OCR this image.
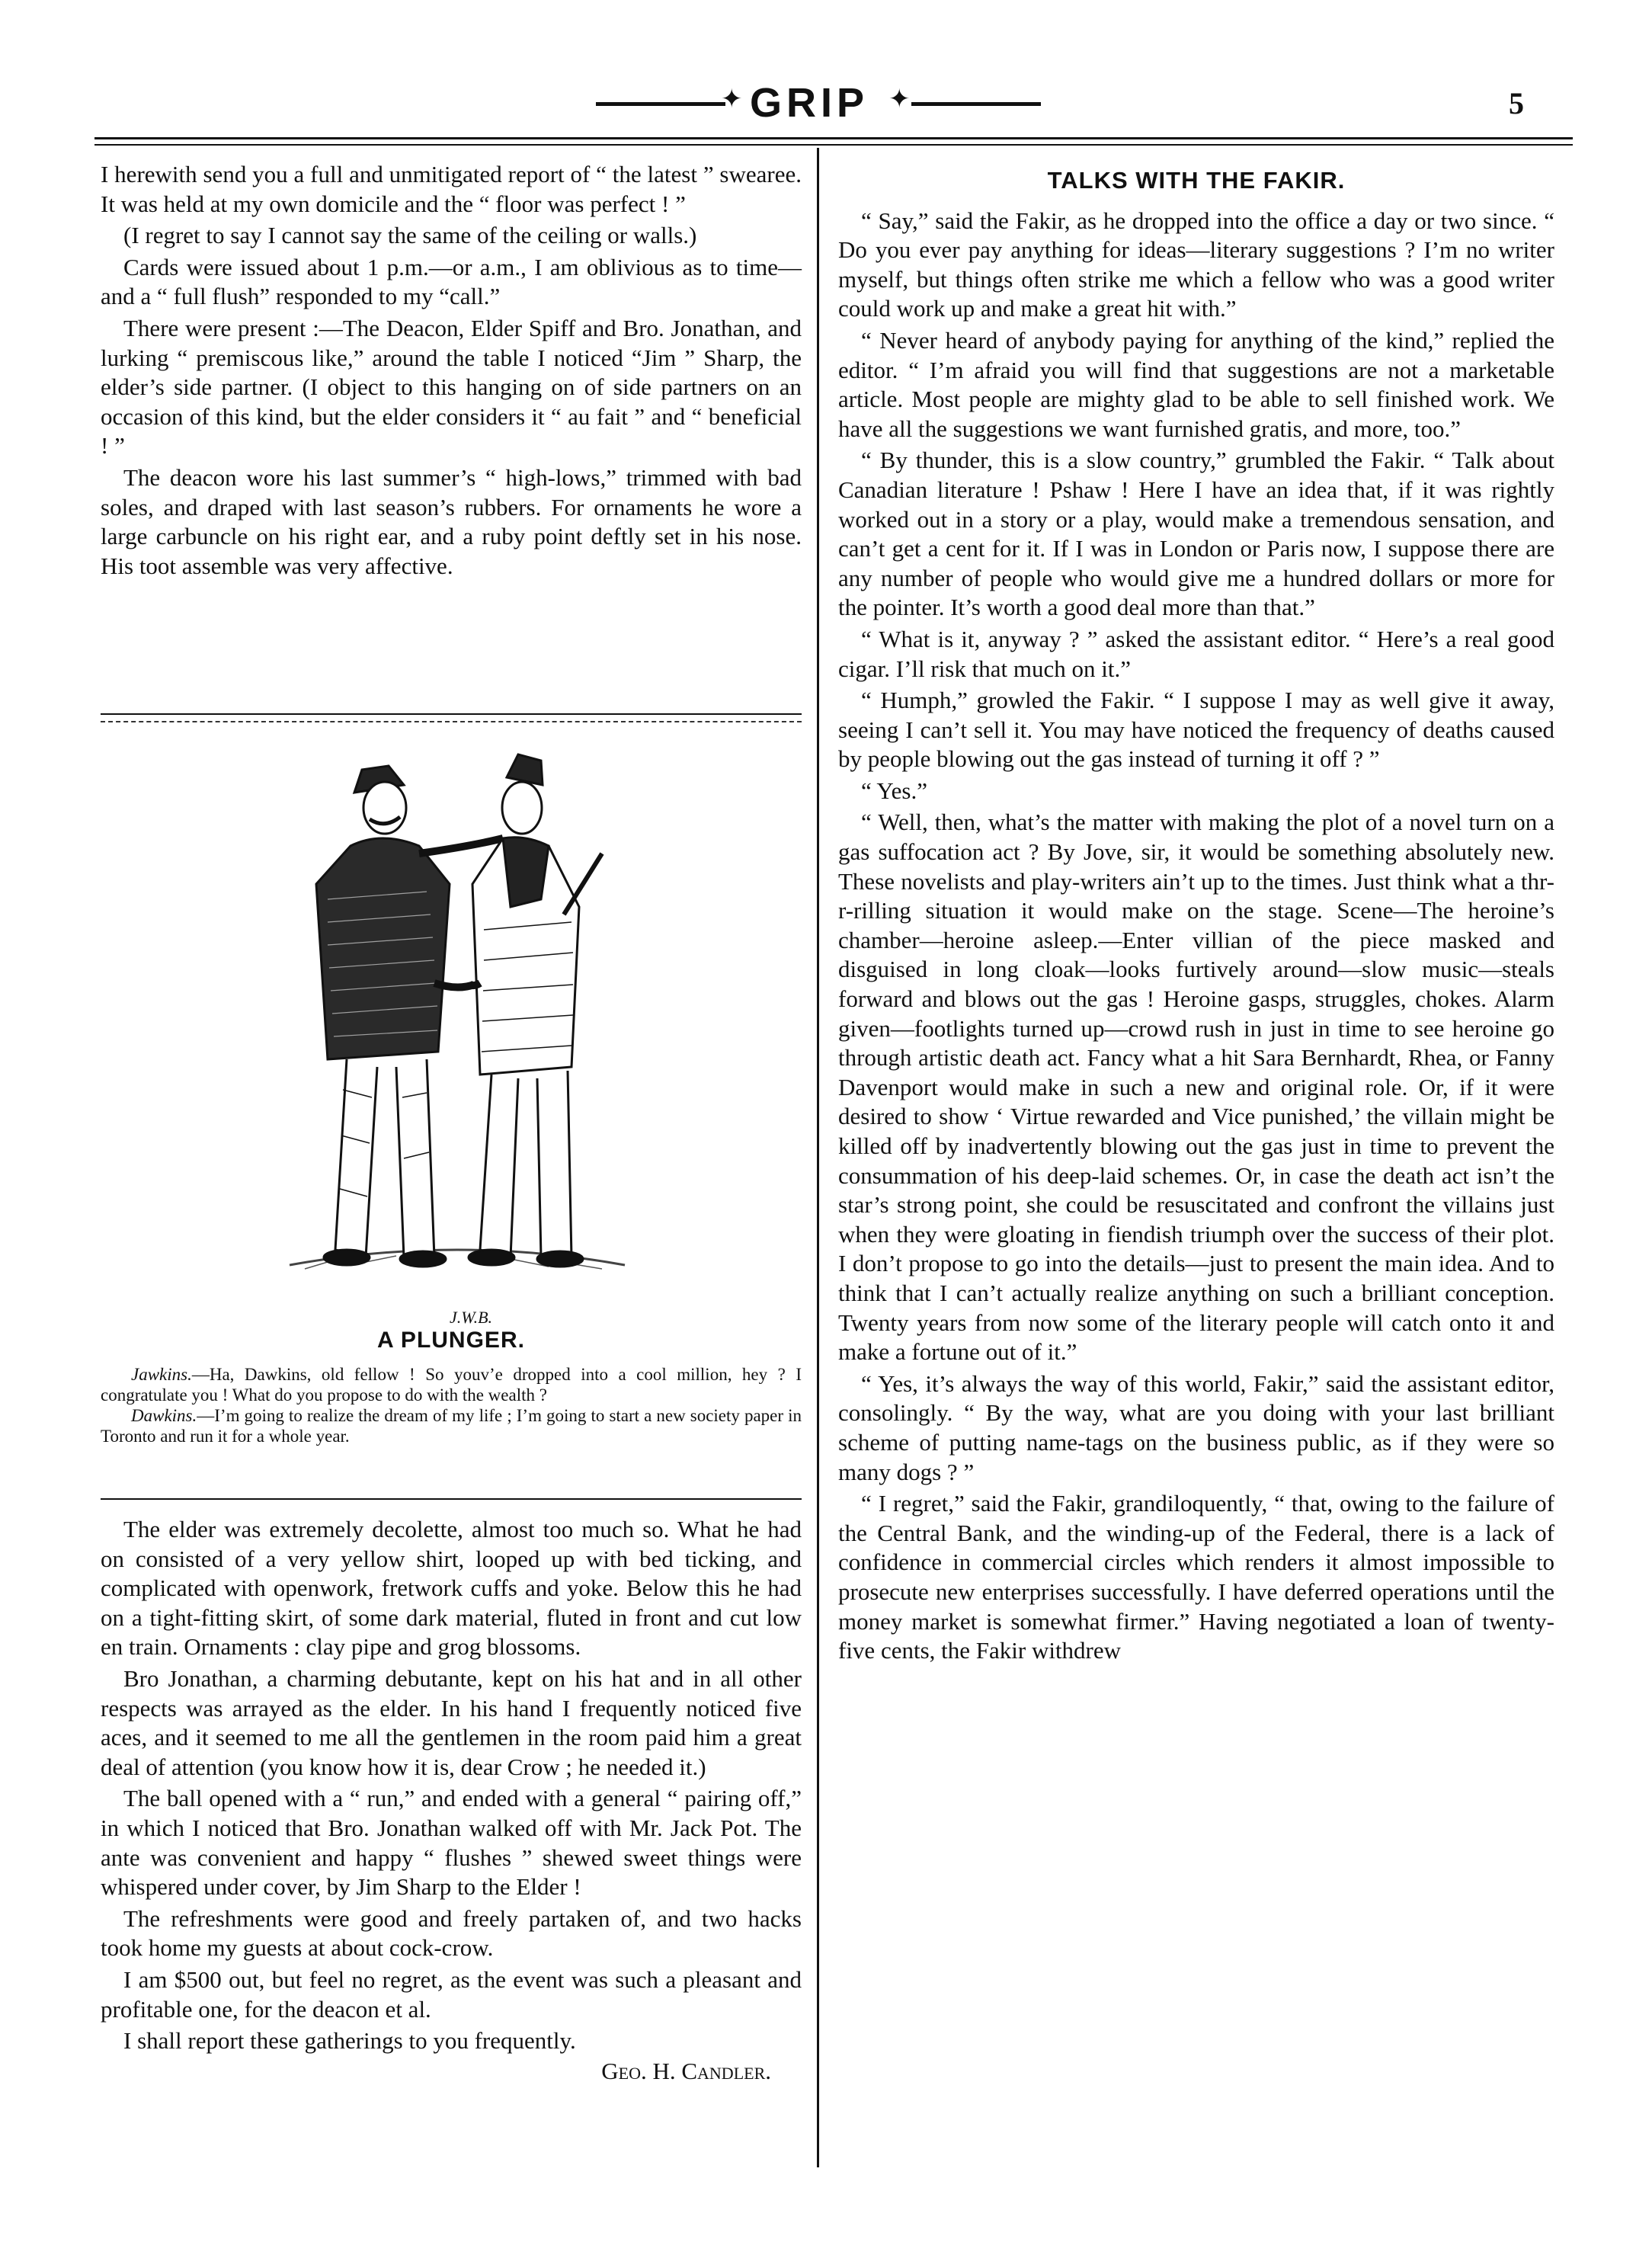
✦ GRIP ✦	5

I herewith send you a full and unmitigated report of “ the latest ” swearee. It was held at my own domicile and the “ floor was perfect ! ”

(I regret to say I cannot say the same of the ceiling or walls.)

Cards were issued about 1 p.m.—or a.m., I am oblivious as to time—and a “ full flush” responded to my “call.”

There were present :—The Deacon, Elder Spiff and Bro. Jonathan, and lurking “ premiscous like,” around the table I noticed “Jim ” Sharp, the elder’s side partner. (I object to this hanging on of side partners on an occasion of this kind, but the elder considers it “ au fait ” and “ beneficial ! ”

The deacon wore his last summer’s “ high-lows,” trimmed with bad soles, and draped with last season’s rubbers. For ornaments he wore a large carbuncle on his right ear, and a ruby point deftly set in his nose. His toot assemble was very affective.

J.W.B.
A PLUNGER.

Jawkins.—Ha, Dawkins, old fellow ! So youv’e dropped into a cool million, hey ? I congratulate you ! What do you propose to do with the wealth ?

Dawkins.—I’m going to realize the dream of my life ; I’m going to start a new society paper in Toronto and run it for a whole year.

The elder was extremely decolette, almost too much so. What he had on consisted of a very yellow shirt, looped up with bed ticking, and complicated with openwork, fretwork cuffs and yoke. Below this he had on a tight-fitting skirt, of some dark material, fluted in front and cut low en train. Ornaments : clay pipe and grog blossoms.

Bro Jonathan, a charming debutante, kept on his hat and in all other respects was arrayed as the elder. In his hand I frequently noticed five aces, and it seemed to me all the gentlemen in the room paid him a great deal of attention (you know how it is, dear Crow ; he needed it.)

The ball opened with a “ run,” and ended with a general “ pairing off,” in which I noticed that Bro. Jonathan walked off with Mr. Jack Pot. The ante was convenient and happy “ flushes ” shewed sweet things were whispered under cover, by Jim Sharp to the Elder !

The refreshments were good and freely partaken of, and two hacks took home my guests at about cock-crow.

I am $500 out, but feel no regret, as the event was such a pleasant and profitable one, for the deacon et al.

I shall report these gatherings to you frequently.

Geo. H. Candler.
TALKS WITH THE FAKIR.

“ Say,” said the Fakir, as he dropped into the office a day or two since. “ Do you ever pay anything for ideas—literary suggestions ? I’m no writer myself, but things often strike me which a fellow who was a good writer could work up and make a great hit with.”

“ Never heard of anybody paying for anything of the kind,” replied the editor. “ I’m afraid you will find that suggestions are not a marketable article. Most people are mighty glad to be able to sell finished work. We have all the suggestions we want furnished gratis, and more, too.”

“ By thunder, this is a slow country,” grumbled the Fakir. “ Talk about Canadian literature ! Pshaw ! Here I have an idea that, if it was rightly worked out in a story or a play, would make a tremendous sensation, and can’t get a cent for it. If I was in London or Paris now, I suppose there are any number of people who would give me a hundred dollars or more for the pointer. It’s worth a good deal more than that.”

“ What is it, anyway ? ” asked the assistant editor. “ Here’s a real good cigar. I’ll risk that much on it.”

“ Humph,” growled the Fakir. “ I suppose I may as well give it away, seeing I can’t sell it. You may have noticed the frequency of deaths caused by people blowing out the gas instead of turning it off ? ”

“ Yes.”

“ Well, then, what’s the matter with making the plot of a novel turn on a gas suffocation act ? By Jove, sir, it would be something absolutely new. These novelists and play-writers ain’t up to the times. Just think what a thr-r-rilling situation it would make on the stage. Scene—The heroine’s chamber—heroine asleep.—Enter villian of the piece masked and disguised in long cloak—looks furtively around—slow music—steals forward and blows out the gas ! Heroine gasps, struggles, chokes. Alarm given—footlights turned up—crowd rush in just in time to see heroine go through artistic death act. Fancy what a hit Sara Bernhardt, Rhea, or Fanny Davenport would make in such a new and original role. Or, if it were desired to show ‘ Virtue rewarded and Vice punished,’ the villain might be killed off by inadvertently blowing out the gas just in time to prevent the consummation of his deep-laid schemes. Or, in case the death act isn’t the star’s strong point, she could be resuscitated and confront the villains just when they were gloating in fiendish triumph over the success of their plot. I don’t propose to go into the details—just to present the main idea. And to think that I can’t actually realize anything on such a brilliant conception. Twenty years from now some of the literary people will catch onto it and make a fortune out of it.”

“ Yes, it’s always the way of this world, Fakir,” said the assistant editor, consolingly. “ By the way, what are you doing with your last brilliant scheme of putting name-tags on the business public, as if they were so many dogs ? ”

“ I regret,” said the Fakir, grandiloquently, “ that, owing to the failure of the Central Bank, and the winding-up of the Federal, there is a lack of confidence in commercial circles which renders it almost impossible to prosecute new enterprises successfully. I have deferred operations until the money market is somewhat firmer.” Having negotiated a loan of twenty-five cents, the Fakir withdrew
